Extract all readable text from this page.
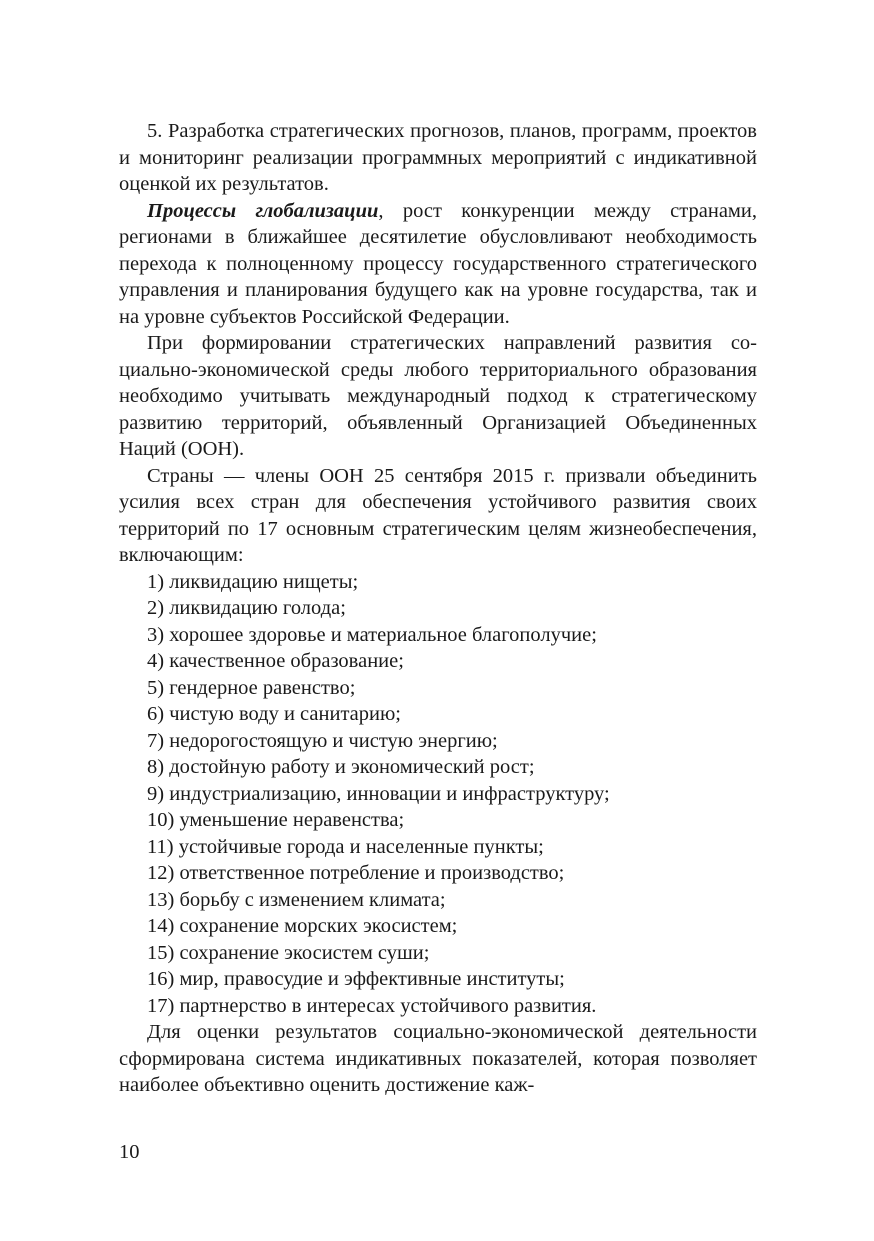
5. Разработка стратегических прогнозов, планов, программ, проектов и мониторинг реализации программных мероприятий с индикативной оценкой их результатов.

Процессы глобализации, рост конкуренции между странами, регионами в ближайшее десятилетие обусловливают необходимость перехода к полноценному процессу государственного стратегического управления и планирования будущего как на уровне государства, так и на уровне субъектов Российской Федерации.

При формировании стратегических направлений развития социально-экономической среды любого территориального образования необходимо учитывать международный подход к стратегическому развитию территорий, объявленный Организацией Объединенных Наций (ООН).

Страны — члены ООН 25 сентября 2015 г. призвали объединить усилия всех стран для обеспечения устойчивого развития своих территорий по 17 основным стратегическим целям жизнеобеспечения, включающим:

1) ликвидацию нищеты;
2) ликвидацию голода;
3) хорошее здоровье и материальное благополучие;
4) качественное образование;
5) гендерное равенство;
6) чистую воду и санитарию;
7) недорогостоящую и чистую энергию;
8) достойную работу и экономический рост;
9) индустриализацию, инновации и инфраструктуру;
10) уменьшение неравенства;
11) устойчивые города и населенные пункты;
12) ответственное потребление и производство;
13) борьбу с изменением климата;
14) сохранение морских экосистем;
15) сохранение экосистем суши;
16) мир, правосудие и эффективные институты;
17) партнерство в интересах устойчивого развития.

Для оценки результатов социально-экономической деятельности сформирована система индикативных показателей, которая позволяет наиболее объективно оценить достижение каж-

10
